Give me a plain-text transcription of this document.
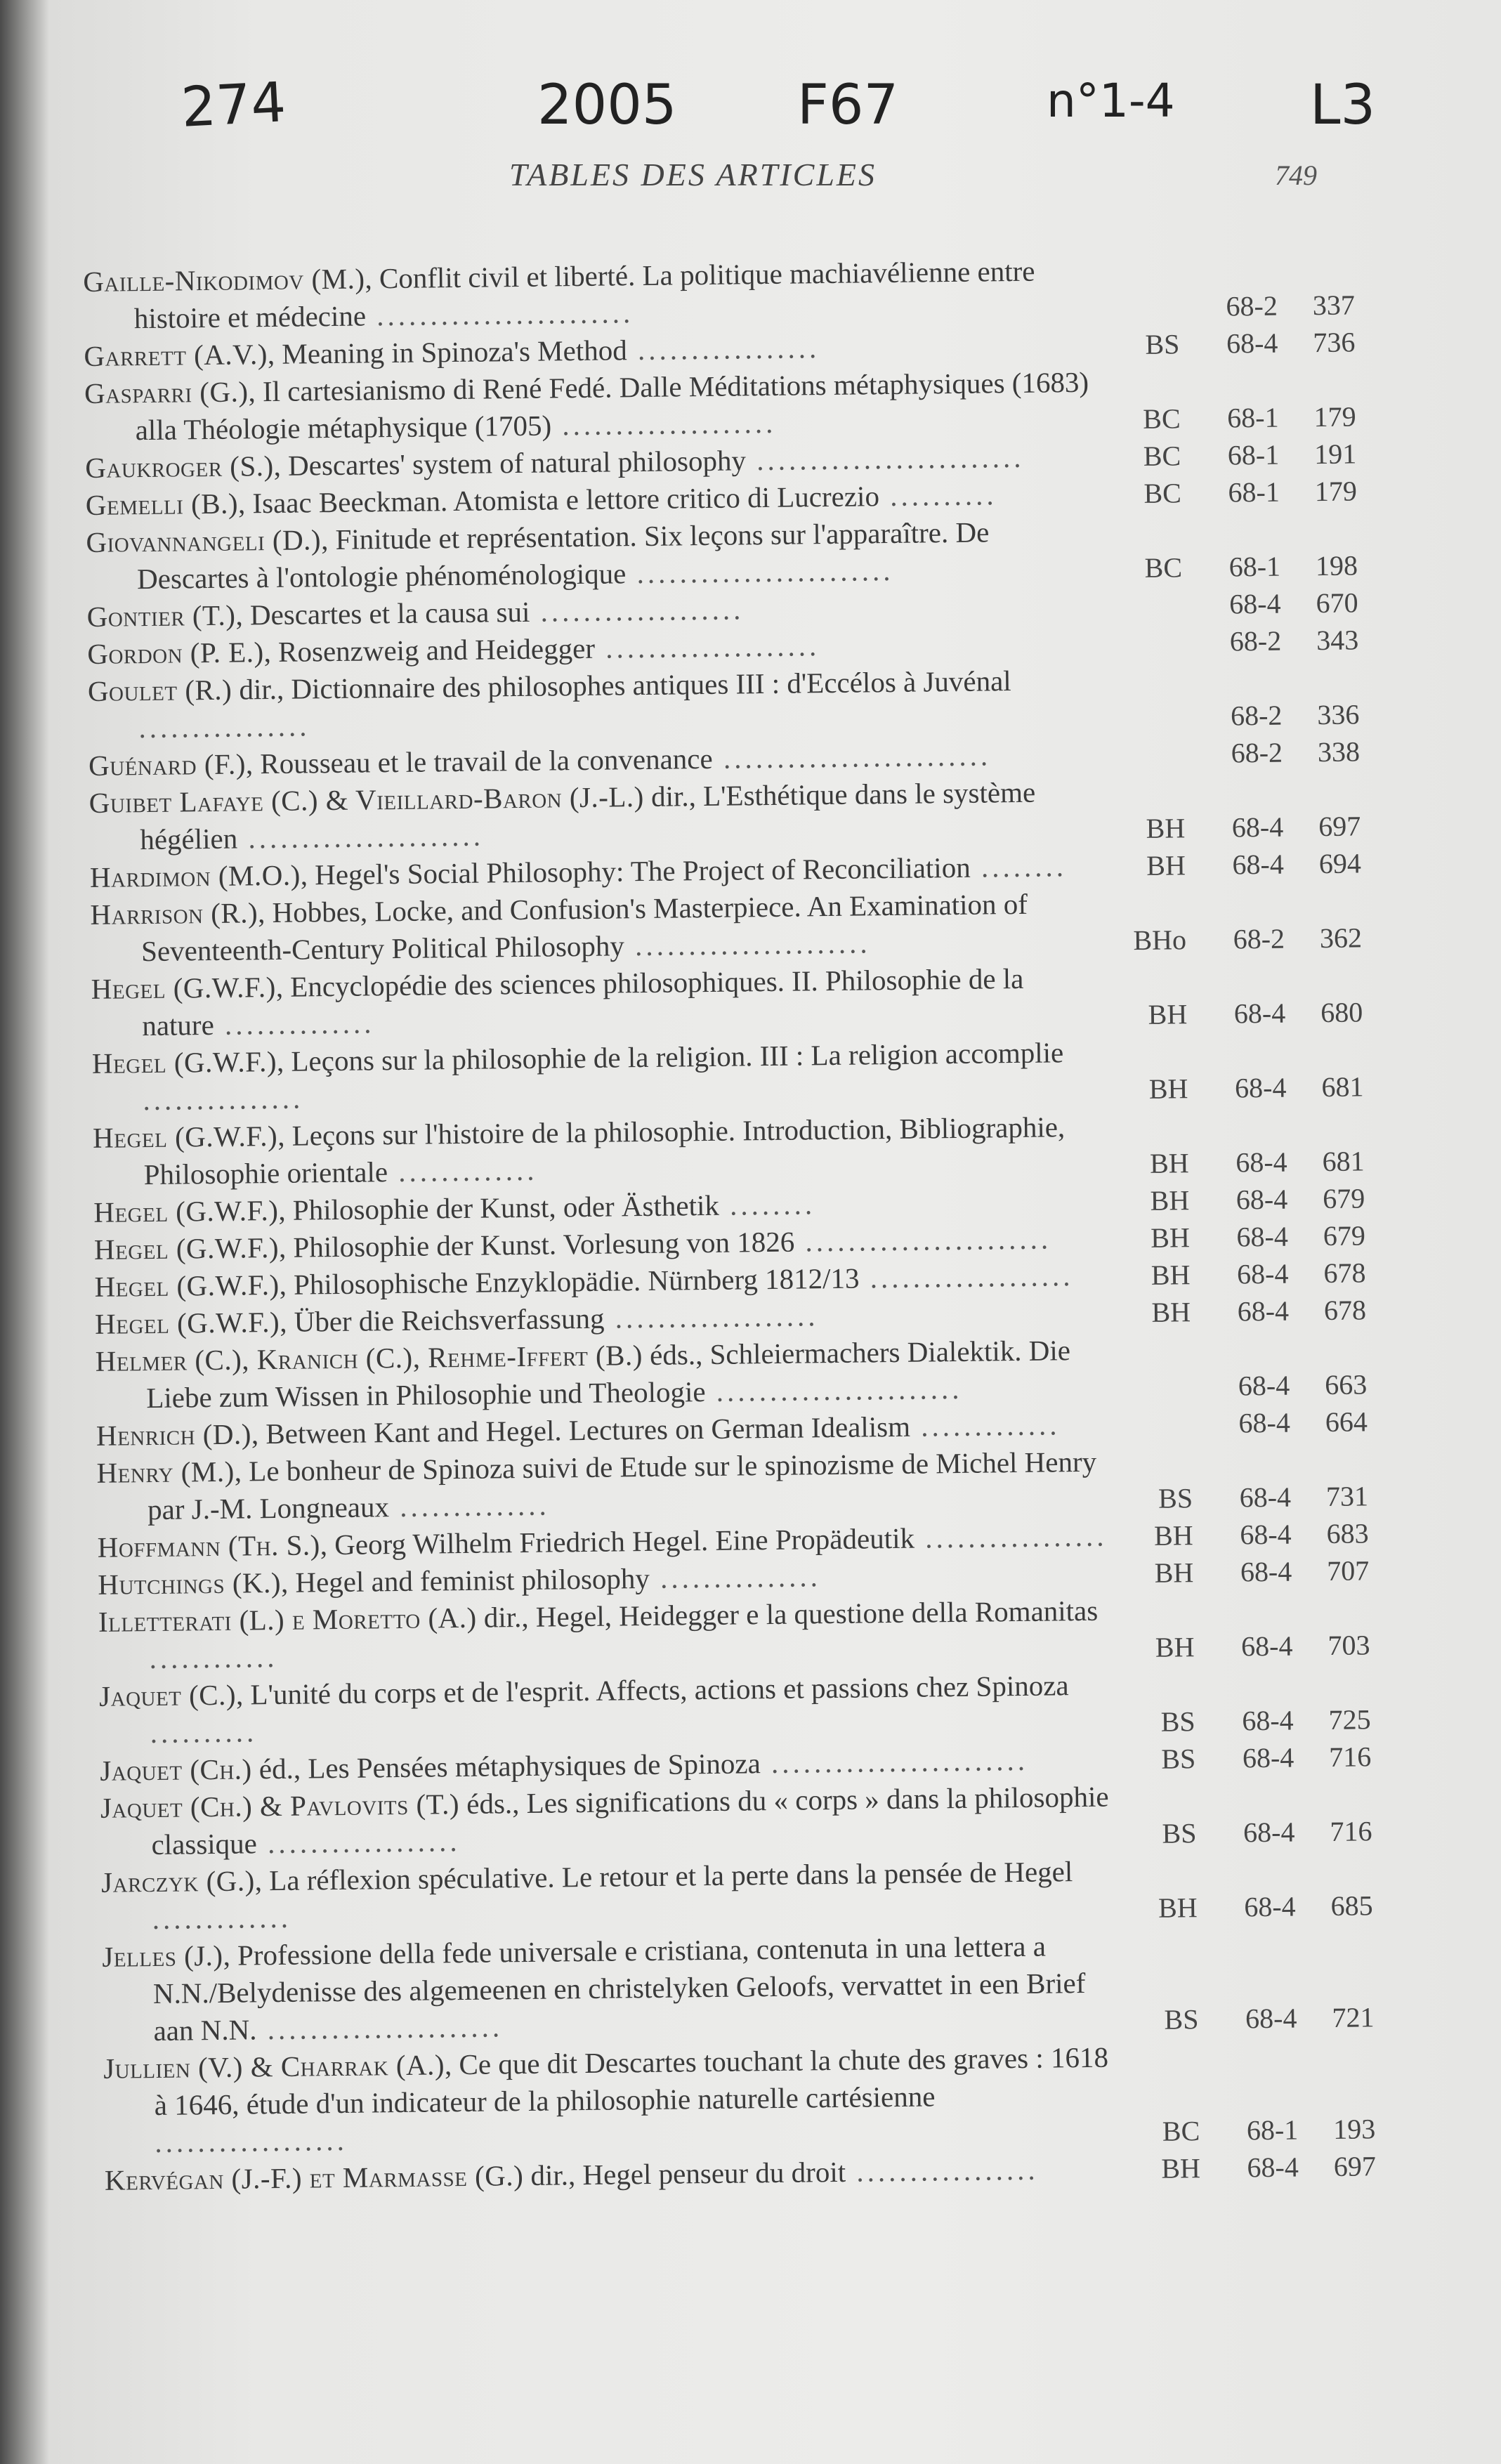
274	2005 F67	n°1-4 L3
TABLES DES ARTICLES	749
Gaille-Nikodimov (M.), Conflit civil et liberté. La politique machiavélienne entre histoire et médecine ........................	68-2	337
Garrett (A.V.), Meaning in Spinoza's Method .................	BS	68-4	736
Gasparri (G.), Il cartesianismo di René Fedé. Dalle Méditations métaphysiques (1683) alla Théologie métaphysique (1705) ....................	BC	68-1	179
Gaukroger (S.), Descartes' system of natural philosophy .........................	BC	68-1	191
Gemelli (B.), Isaac Beeckman. Atomista e lettore critico di Lucrezio ..........	BC	68-1	179
Giovannangeli (D.), Finitude et représentation. Six leçons sur l'apparaître. De Descartes à l'ontologie phénoménologique ........................	BC	68-1	198
Gontier (T.), Descartes et la causa sui ...................	68-4	670
Gordon (P. E.), Rosenzweig and Heidegger ....................	68-2	343
Goulet (R.) dir., Dictionnaire des philosophes antiques III : d'Eccélos à Juvénal ................	68-2	336
Guénard (F.), Rousseau et le travail de la convenance .........................	68-2	338
Guibet Lafaye (C.) & Vieillard-Baron (J.-L.) dir., L'Esthétique dans le système hégélien ......................	BH	68-4	697
Hardimon (M.O.), Hegel's Social Philosophy: The Project of Reconciliation ........	BH	68-4	694
Harrison (R.), Hobbes, Locke, and Confusion's Masterpiece. An Examination of Seventeenth-Century Political Philosophy ......................	BHo	68-2	362
Hegel (G.W.F.), Encyclopédie des sciences philosophiques. II. Philosophie de la nature ..............	BH	68-4	680
Hegel (G.W.F.), Leçons sur la philosophie de la religion. III : La religion accomplie ...............	BH	68-4	681
Hegel (G.W.F.), Leçons sur l'histoire de la philosophie. Introduction, Bibliographie, Philosophie orientale .............	BH	68-4	681
Hegel (G.W.F.), Philosophie der Kunst, oder Ästhetik ........	BH	68-4	679
Hegel (G.W.F.), Philosophie der Kunst. Vorlesung von 1826 .......................	BH	68-4	679
Hegel (G.W.F.), Philosophische Enzyklopädie. Nürnberg 1812/13 ...................	BH	68-4	678
Hegel (G.W.F.), Über die Reichsverfassung ...................	BH	68-4	678
Helmer (C.), Kranich (C.), Rehme-Iffert (B.) éds., Schleiermachers Dialektik. Die Liebe zum Wissen in Philosophie und Theologie .......................	68-4	663
Henrich (D.), Between Kant and Hegel. Lectures on German Idealism .............	68-4	664
Henry (M.), Le bonheur de Spinoza suivi de Etude sur le spinozisme de Michel Henry par J.-M. Longneaux ..............	BS	68-4	731
Hoffmann (Th. S.), Georg Wilhelm Friedrich Hegel. Eine Propädeutik .................	BH	68-4	683
Hutchings (K.), Hegel and feminist philosophy ...............	BH	68-4	707
Illetterati (L.) e Moretto (A.) dir., Hegel, Heidegger e la questione della Romanitas ............	BH	68-4	703
Jaquet (C.), L'unité du corps et de l'esprit. Affects, actions et passions chez Spinoza ..........	BS	68-4	725
Jaquet (Ch.) éd., Les Pensées métaphysiques de Spinoza ........................	BS	68-4	716
Jaquet (Ch.) & Pavlovits (T.) éds., Les significations du « corps » dans la philosophie classique ..................	BS	68-4	716
Jarczyk (G.), La réflexion spéculative. Le retour et la perte dans la pensée de Hegel .............	BH	68-4	685
Jelles (J.), Professione della fede universale e cristiana, contenuta in una lettera a N.N./Belydenisse des algemeenen en christelyken Geloofs, vervattet in een Brief aan N.N. ......................	BS	68-4	721
Jullien (V.) & Charrak (A.), Ce que dit Descartes touchant la chute des graves : 1618 à 1646, étude d'un indicateur de la philosophie naturelle cartésienne ..................	BC	68-1	193
Kervégan (J.-F.) et Marmasse (G.) dir., Hegel penseur du droit .................	BH	68-4	697
